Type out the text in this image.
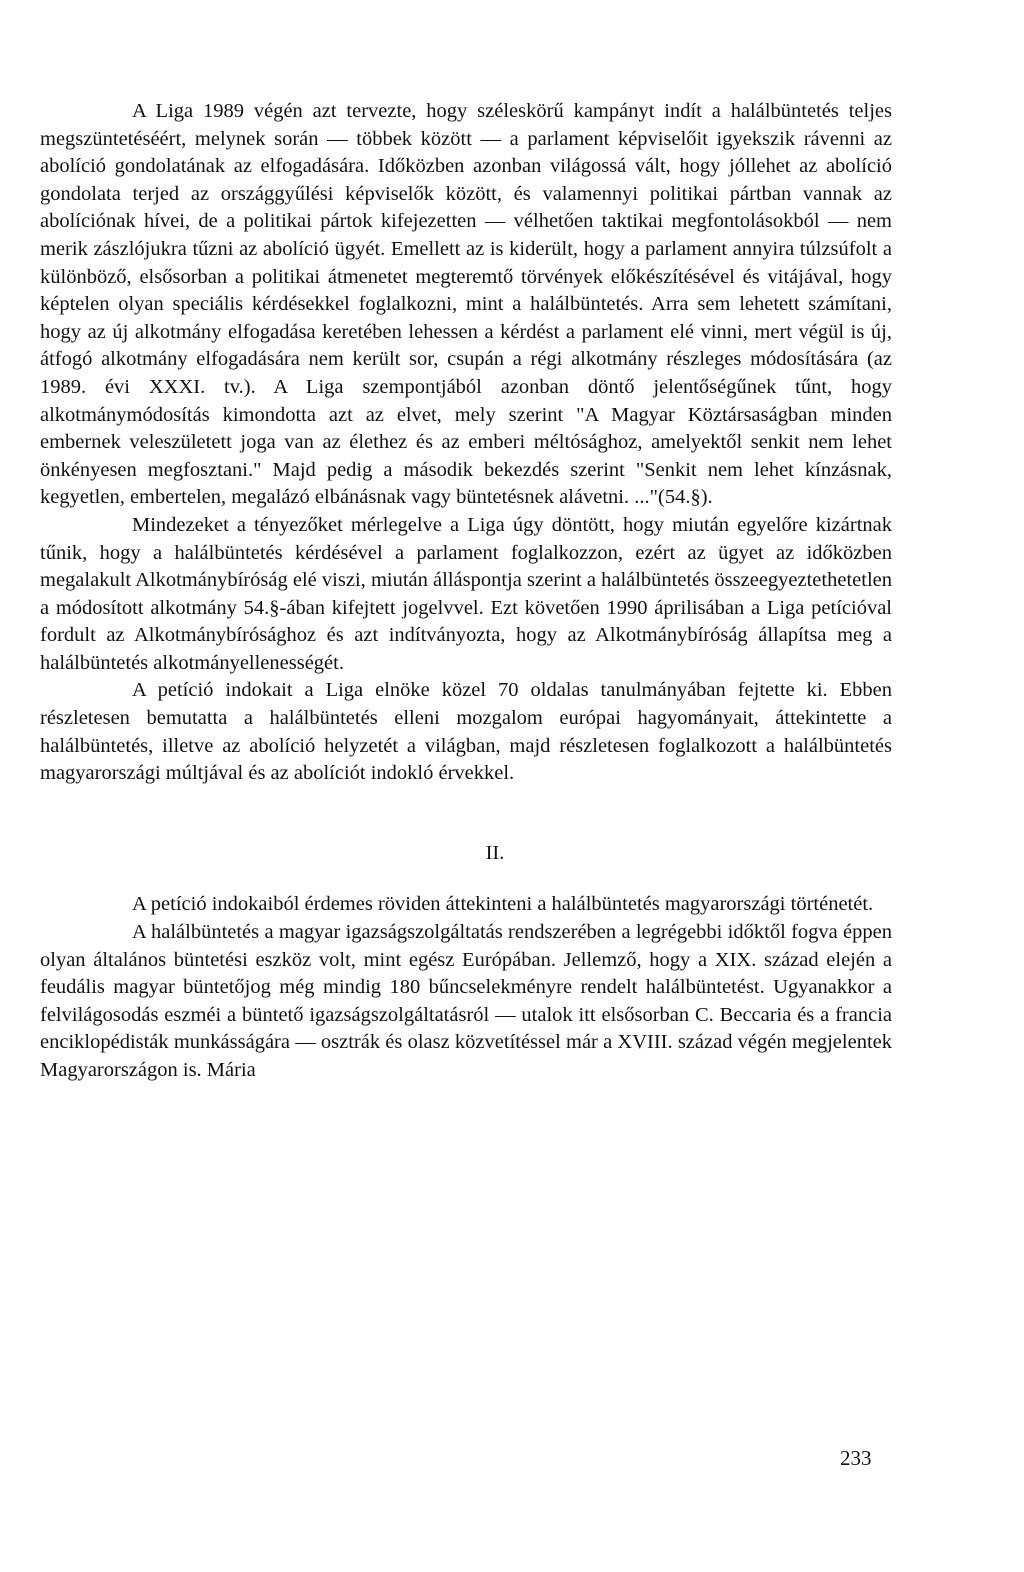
A Liga 1989 végén azt tervezte, hogy széleskörű kampányt indít a halálbüntetés teljes megszüntetéséért, melynek során — többek között — a parlament képviselőit igyekszik rávenni az abolíció gondolatának az elfogadására. Időközben azonban világossá vált, hogy jóllehet az abolíció gondolata terjed az országgyűlési képviselők között, és valamennyi politikai pártban vannak az abolíciónak hívei, de a politikai pártok kifejezetten — vélhetően taktikai megfontolásokból — nem merik zászlójukra tűzni az abolíció ügyét. Emellett az is kiderült, hogy a parlament annyira túlzsúfolt a különböző, elsősorban a politikai átmenetet megteremtő törvények előkészítésével és vitájával, hogy képtelen olyan speciális kérdésekkel foglalkozni, mint a halálbüntetés. Arra sem lehetett számítani, hogy az új alkotmány elfogadása keretében lehessen a kérdést a parlament elé vinni, mert végül is új, átfogó alkotmány elfogadására nem került sor, csupán a régi alkotmány részleges módosítására (az 1989. évi XXXI. tv.). A Liga szempontjából azonban döntő jelentőségűnek tűnt, hogy alkotmánymódosítás kimondotta azt az elvet, mely szerint "A Magyar Köztársaságban minden embernek veleszületett joga van az élethez és az emberi méltósághoz, amelyektől senkit nem lehet önkényesen megfosztani." Majd pedig a második bekezdés szerint "Senkit nem lehet kínzásnak, kegyetlen, embertelen, megalázó elbánásnak vagy büntetésnek alávetni. ..."(54.§).

Mindezeket a tényezőket mérlegelve a Liga úgy döntött, hogy miután egyelőre kizártnak tűnik, hogy a halálbüntetés kérdésével a parlament foglalkozzon, ezért az ügyet az időközben megalakult Alkotmánybíróság elé viszi, miután álláspontja szerint a halálbüntetés összeegyeztethetetlen a módosított alkotmány 54.§-ában kifejtett jogelvvel. Ezt követően 1990 áprilisában a Liga petícióval fordult az Alkotmánybírósághoz és azt indítványozta, hogy az Alkotmánybíróság állapítsa meg a halálbüntetés alkotmányellenességét.

A petíció indokait a Liga elnöke közel 70 oldalas tanulmányában fejtette ki. Ebben részletesen bemutatta a halálbüntetés elleni mozgalom európai hagyományait, áttekintette a halálbüntetés, illetve az abolíció helyzetét a világban, majd részletesen foglalkozott a halálbüntetés magyarországi múltjával és az abolíciót indokló érvekkel.

II.

A petíció indokaiból érdemes röviden áttekinteni a halálbüntetés magyarországi történetét.

A halálbüntetés a magyar igazságszolgáltatás rendszerében a legrégebbi időktől fogva éppen olyan általános büntetési eszköz volt, mint egész Európában. Jellemző, hogy a XIX. század elején a feudális magyar büntetőjog még mindig 180 bűncselekményre rendelt halálbüntetést. Ugyanakkor a felvilágosodás eszméi a büntető igazságszolgáltatásról — utalok itt elsősorban C. Beccaria és a francia enciklopédisták munkásságára — osztrák és olasz közvetítéssel már a XVIII. század végén megjelentek Magyarországon is. Mária

233
